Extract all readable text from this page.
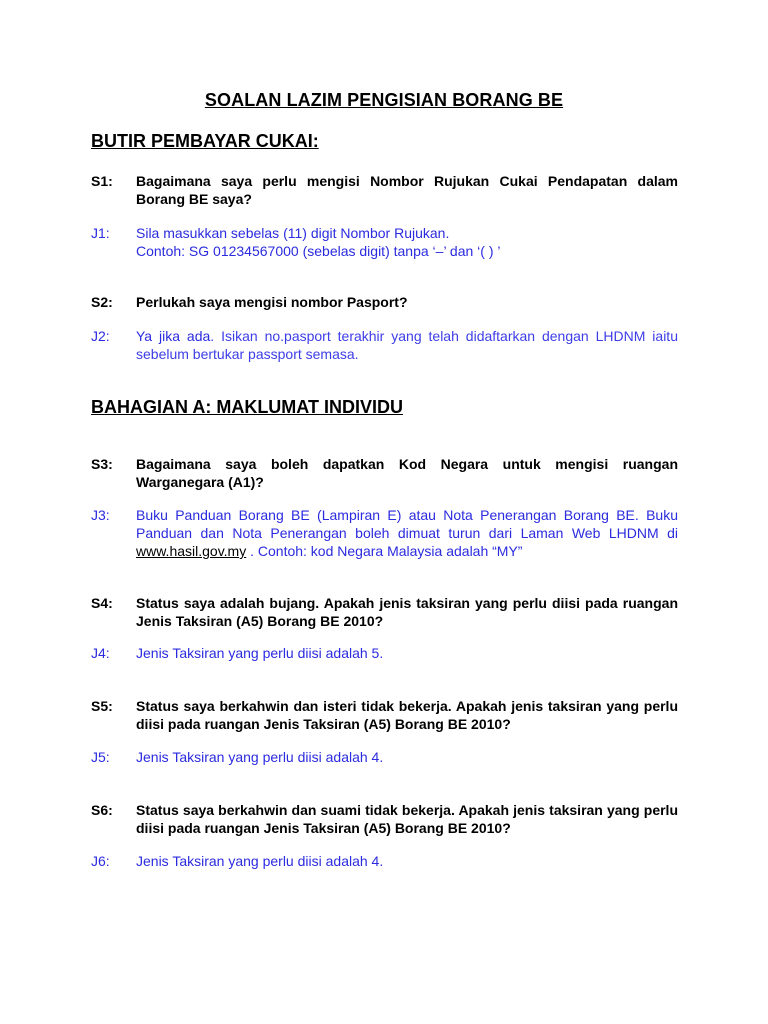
SOALAN LAZIM PENGISIAN BORANG BE
BUTIR PEMBAYAR CUKAI:
S1: Bagaimana saya perlu mengisi Nombor Rujukan Cukai Pendapatan dalam Borang BE saya?
J1: Sila masukkan sebelas (11) digit Nombor Rujukan.
Contoh: SG 01234567000 (sebelas digit) tanpa ‘–’ dan ‘( ) ’
S2: Perlukah saya mengisi nombor Pasport?
J2: Ya jika ada. Isikan no.pasport terakhir yang telah didaftarkan dengan LHDNM iaitu sebelum bertukar passport semasa.
BAHAGIAN A: MAKLUMAT INDIVIDU
S3: Bagaimana saya boleh dapatkan Kod Negara untuk mengisi ruangan Warganegara (A1)?
J3: Buku Panduan Borang BE (Lampiran E) atau Nota Penerangan Borang BE. Buku Panduan dan Nota Penerangan boleh dimuat turun dari Laman Web LHDNM di www.hasil.gov.my . Contoh: kod Negara Malaysia adalah “MY”
S4: Status saya adalah bujang. Apakah jenis taksiran yang perlu diisi pada ruangan Jenis Taksiran (A5) Borang BE 2010?
J4: Jenis Taksiran yang perlu diisi adalah 5.
S5: Status saya berkahwin dan isteri tidak bekerja. Apakah jenis taksiran yang perlu diisi pada ruangan Jenis Taksiran (A5) Borang BE 2010?
J5: Jenis Taksiran yang perlu diisi adalah 4.
S6: Status saya berkahwin dan suami tidak bekerja. Apakah jenis taksiran yang perlu diisi pada ruangan Jenis Taksiran (A5) Borang BE 2010?
J6: Jenis Taksiran yang perlu diisi adalah 4.
